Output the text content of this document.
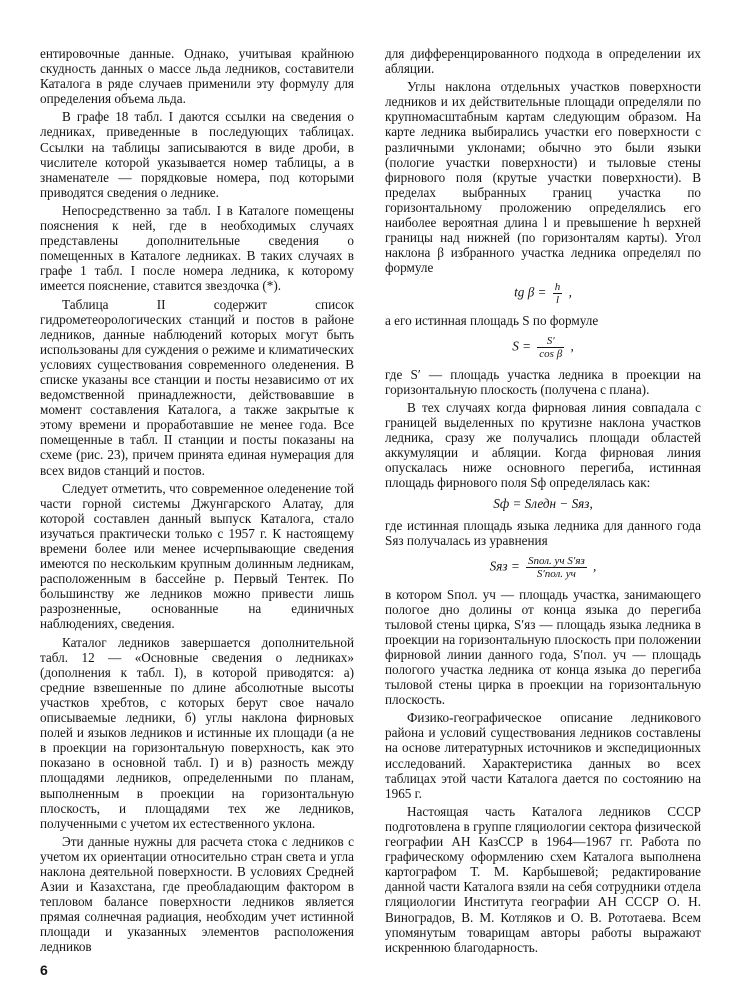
ентировочные данные. Однако, учитывая крайнюю скудность данных о массе льда ледников, составители Каталога в ряде случаев применили эту формулу для определения объема льда.

В графе 18 табл. I даются ссылки на сведения о ледниках, приведенные в последующих таблицах. Ссылки на таблицы записываются в виде дроби, в числителе которой указывается номер таблицы, а в знаменателе — порядковые номера, под которыми приводятся сведения о леднике.

Непосредственно за табл. I в Каталоге помещены пояснения к ней, где в необходимых случаях представлены дополнительные сведения о помещенных в Каталоге ледниках. В таких случаях в графе 1 табл. I после номера ледника, к которому имеется пояснение, ставится звездочка (*).

Таблица II содержит список гидрометеорологических станций и постов в районе ледников, данные наблюдений которых могут быть использованы для суждения о режиме и климатических условиях существования современного оледенения. В списке указаны все станции и посты независимо от их ведомственной принадлежности, действовавшие в момент составления Каталога, а также закрытые к этому времени и проработавшие не менее года. Все помещенные в табл. II станции и посты показаны на схеме (рис. 23), причем принята единая нумерация для всех видов станций и постов.

Следует отметить, что современное оледенение той части горной системы Джунгарского Алатау, для которой составлен данный выпуск Каталога, стало изучаться практически только с 1957 г. К настоящему времени более или менее исчерпывающие сведения имеются по нескольким крупным долинным ледникам, расположенным в бассейне р. Первый Тентек. По большинству же ледников можно привести лишь разрозненные, основанные на единичных наблюдениях, сведения.

Каталог ледников завершается дополнительной табл. 12 — «Основные сведения о ледниках» (дополнения к табл. I), в которой приводятся: а) средние взвешенные по длине абсолютные высоты участков хребтов, с которых берут свое начало описываемые ледники, б) углы наклона фирновых полей и языков ледников и истинные их площади (а не в проекции на горизонтальную поверхность, как это показано в основной табл. I) и в) разность между площадями ледников, определенными по планам, выполненным в проекции на горизонтальную плоскость, и площадями тех же ледников, полученными с учетом их естественного уклона.

Эти данные нужны для расчета стока с ледников с учетом их ориентации относительно стран света и угла наклона деятельной поверхности. В условиях Средней Азии и Казахстана, где преобладающим фактором в тепловом балансе поверхности ледников является прямая солнечная радиация, необходим учет истинной площади и указанных элементов расположения ледников

для дифференцированного подхода в определении их абляции.

Углы наклона отдельных участков поверхности ледников и их действительные площади определяли по крупномасштабным картам следующим образом. На карте ледника выбирались участки его поверхности с различными уклонами; обычно это были языки (пологие участки поверхности) и тыловые стены фирнового поля (крутые участки поверхности). В пределах выбранных границ участка по горизонтальному проложению определялись его наиболее вероятная длина l и превышение h верхней границы над нижней (по горизонталям карты). Угол наклона β избранного участка ледника определял по формуле

tg $\beta = \frac{h}{l}$ ,

а его истинная площадь S по формуле

$S = \frac{S'}{\text{cos β}}$ ,

где S′ — площадь участка ледника в проекции на горизонтальную плоскость (получена с плана).

В тех случаях когда фирновая линия совпадала с границей выделенных по крутизне наклона участков ледника, сразу же получались площади областей аккумуляции и абляции. Когда фирновая линия опускалась ниже основного перегиба, истинная площадь фирнового поля Sф определялась как:

Sф = Sледн − Sяз,

где истинная площадь языка ледника для данного года Sяз получалась из уравнения

Sяз = $\frac{\text{Sпол. уч S′яз}}{\text{S′пол. уч}}$ ,

в котором Sпол. уч — площадь участка, занимающего пологое дно долины от конца языка до перегиба тыловой стены цирка, S′яз — площадь языка ледника в проекции на горизонтальную плоскость при положении фирновой линии данного года, S′пол. уч — площадь пологого участка ледника от конца языка до перегиба тыловой стены цирка в проекции на горизонтальную плоскость.

Физико-географическое описание ледникового района и условий существования ледников составлены на основе литературных источников и экспедиционных исследований. Характеристика данных во всех таблицах этой части Каталога дается по состоянию на 1965 г.

Настоящая часть Каталога ледников СССР подготовлена в группе гляциологии сектора физической географии АН КазССР в 1964—1967 гг. Работа по графическому оформлению схем Каталога выполнена картографом Т. М. Карбышевой; редактирование данной части Каталога взяли на себя сотрудники отдела гляциологии Института географии АН СССР О. Н. Виноградов, В. М. Котляков и О. В. Рототаева. Всем упомянутым товарищам авторы работы выражают искреннюю благодарность.

6
